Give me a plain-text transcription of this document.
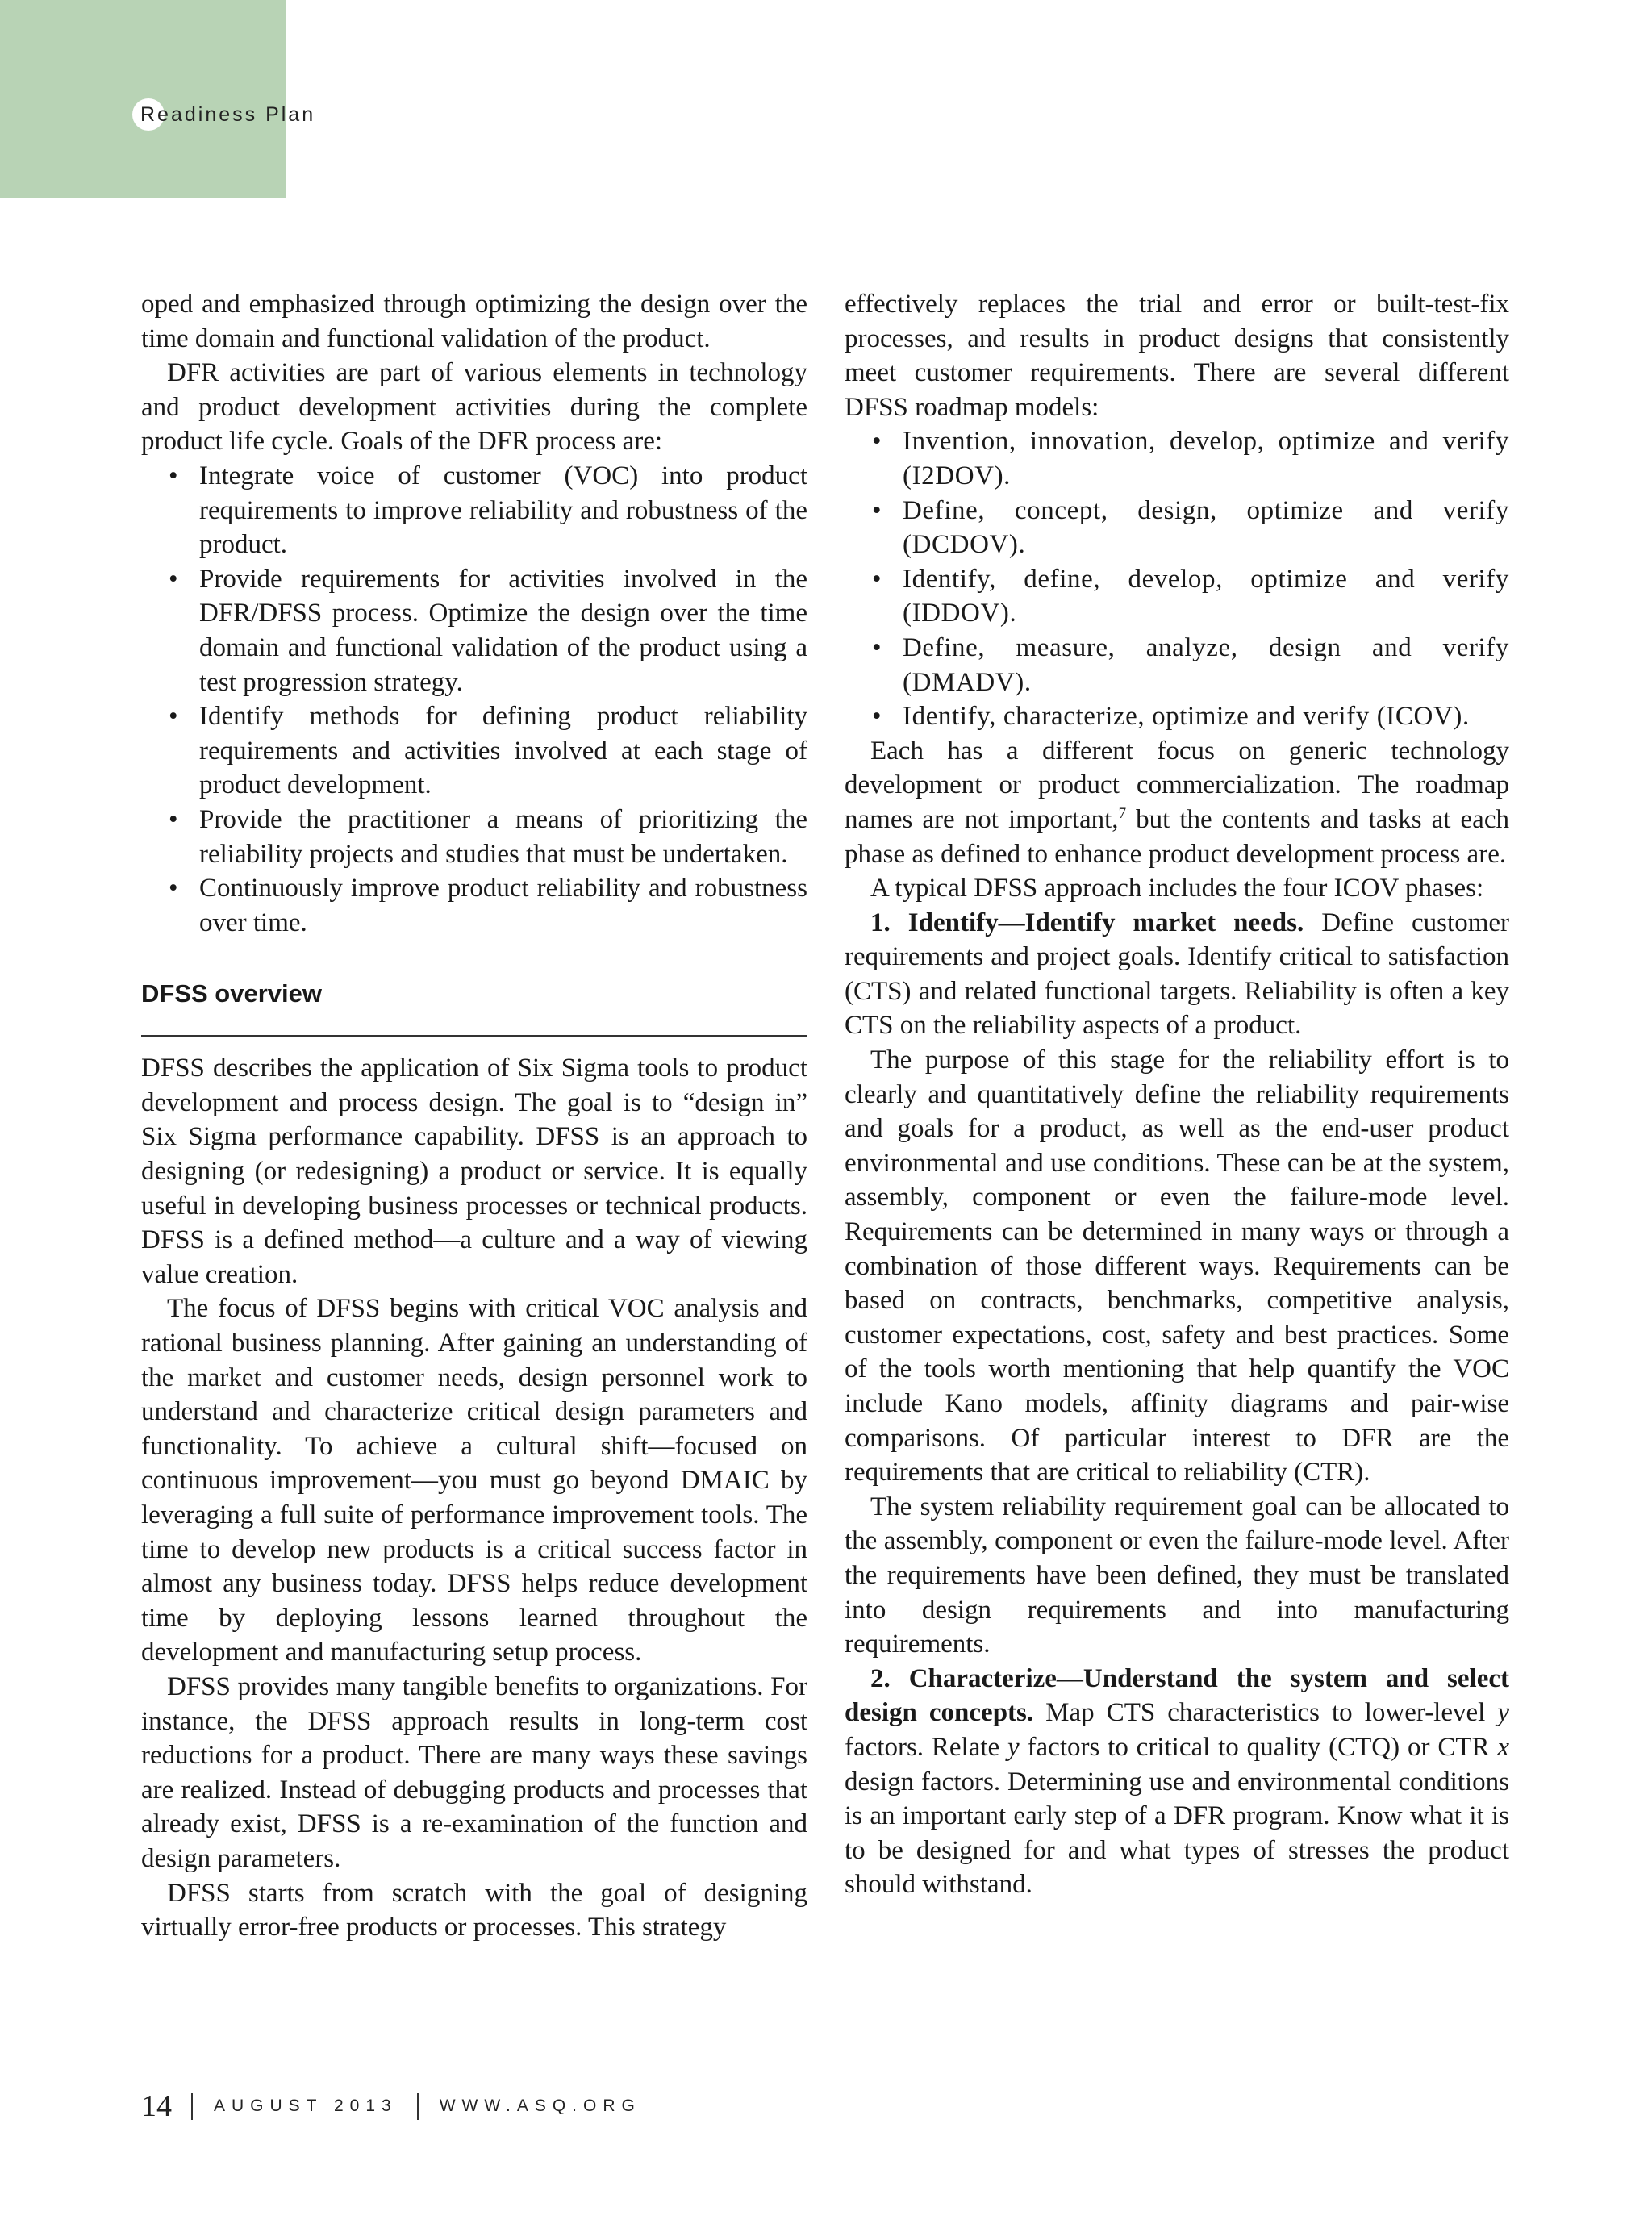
Readiness Plan

oped and emphasized through optimizing the design over the time domain and functional validation of the product.

DFR activities are part of various elements in technology and product development activities during the complete product life cycle. Goals of the DFR process are:

• Integrate voice of customer (VOC) into product requirements to improve reliability and robustness of the product.
• Provide requirements for activities involved in the DFR/DFSS process. Optimize the design over the time domain and functional validation of the product using a test progression strategy.
• Identify methods for defining product reliability requirements and activities involved at each stage of product development.
• Provide the practitioner a means of prioritizing the reliability projects and studies that must be undertaken.
• Continuously improve product reliability and robustness over time.
DFSS overview

DFSS describes the application of Six Sigma tools to product development and process design. The goal is to “design in” Six Sigma performance capability. DFSS is an approach to designing (or redesigning) a product or service. It is equally useful in developing business processes or technical products. DFSS is a defined method—a culture and a way of viewing value creation.

The focus of DFSS begins with critical VOC analysis and rational business planning. After gaining an understanding of the market and customer needs, design personnel work to understand and characterize critical design parameters and functionality. To achieve a cultural shift—focused on continuous improvement—you must go beyond DMAIC by leveraging a full suite of performance improvement tools. The time to develop new products is a critical success factor in almost any business today. DFSS helps reduce development time by deploying lessons learned throughout the development and manufacturing setup process.

DFSS provides many tangible benefits to organizations. For instance, the DFSS approach results in long-term cost reductions for a product. There are many ways these savings are realized. Instead of debugging products and processes that already exist, DFSS is a re-examination of the function and design parameters.

DFSS starts from scratch with the goal of designing virtually error-free products or processes. This strategy

effectively replaces the trial and error or built-test-fix processes, and results in product designs that consistently meet customer requirements. There are several different DFSS roadmap models:

• Invention, innovation, develop, optimize and verify (I2DOV).
• Define, concept, design, optimize and verify (DCDOV).
• Identify, define, develop, optimize and verify (IDDOV).
• Define, measure, analyze, design and verify (DMADV).
• Identify, characterize, optimize and verify (ICOV).

Each has a different focus on generic technology development or product commercialization. The roadmap names are not important,$^7$ but the contents and tasks at each phase as defined to enhance product development process are.

A typical DFSS approach includes the four ICOV phases:

1. Identify—Identify market needs. Define customer requirements and project goals. Identify critical to satisfaction (CTS) and related functional targets. Reliability is often a key CTS on the reliability aspects of a product.

The purpose of this stage for the reliability effort is to clearly and quantitatively define the reliability requirements and goals for a product, as well as the end-user product environmental and use conditions. These can be at the system, assembly, component or even the failure-mode level. Requirements can be determined in many ways or through a combination of those different ways. Requirements can be based on contracts, benchmarks, competitive analysis, customer expectations, cost, safety and best practices. Some of the tools worth mentioning that help quantify the VOC include Kano models, affinity diagrams and pair-wise comparisons. Of particular interest to DFR are the requirements that are critical to reliability (CTR).

The system reliability requirement goal can be allocated to the assembly, component or even the failure-mode level. After the requirements have been defined, they must be translated into design requirements and into manufacturing requirements.

2. Characterize—Understand the system and select design concepts. Map CTS characteristics to lower-level y factors. Relate y factors to critical to quality (CTQ) or CTR x design factors. Determining use and environmental conditions is an important early step of a DFR program. Know what it is to be designed for and what types of stresses the product should withstand.

14 AUGUST 2013 WWW.ASQ.ORG
